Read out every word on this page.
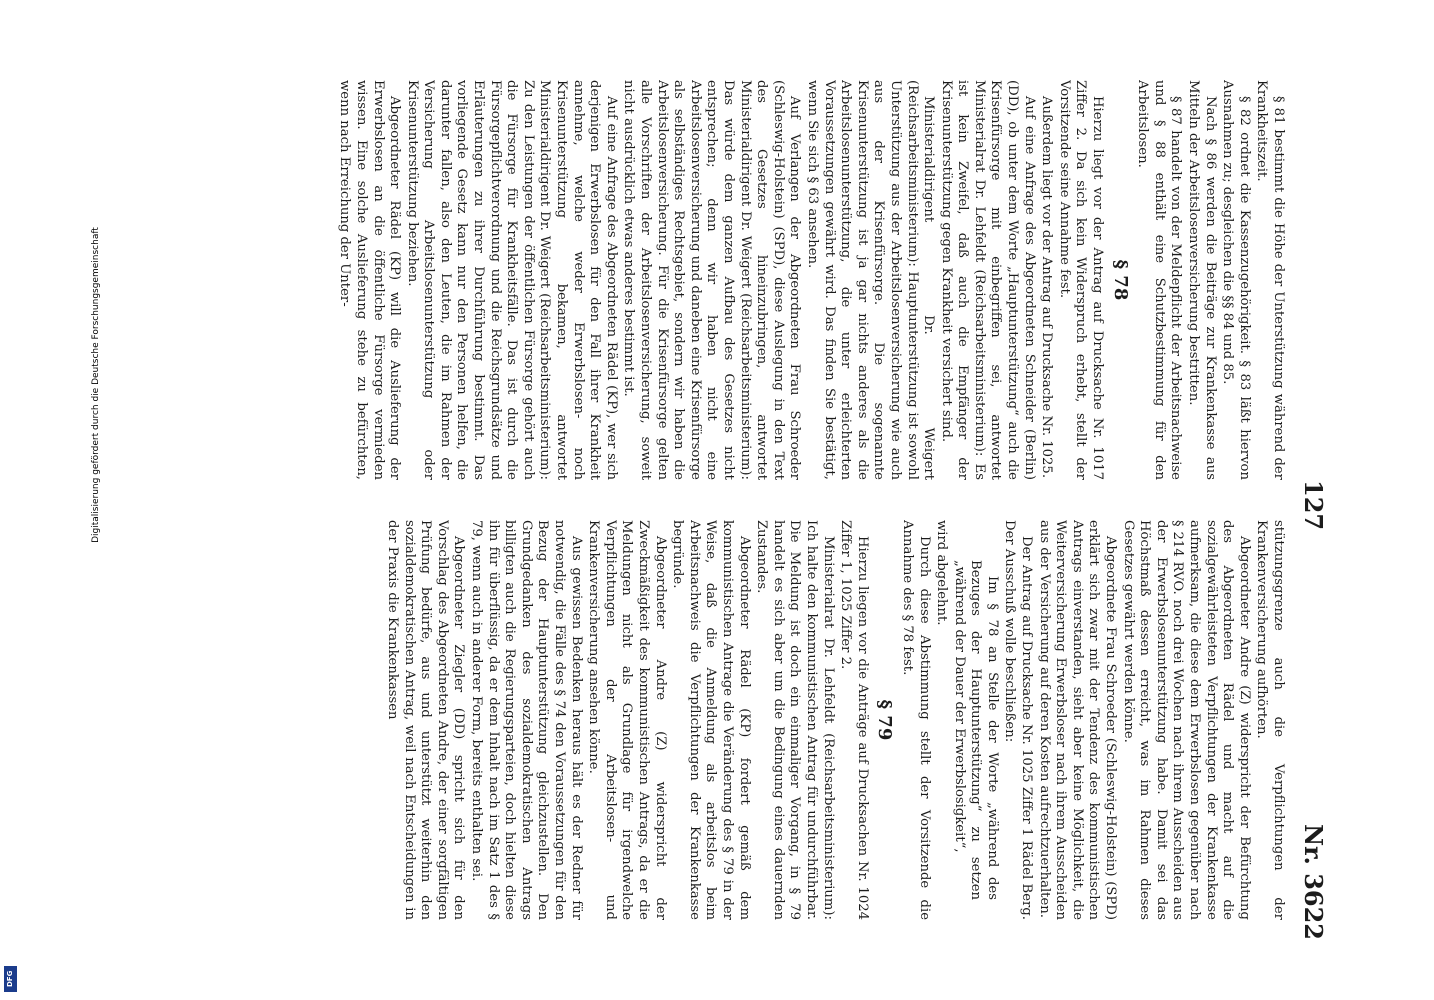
127
Nr. 3622

§ 81 bestimmt die Höhe der Unterstützung während der Krankheitszeit.

§ 82 ordnet die Kassenzugehörigkeit. § 83 läßt hiervon Ausnahmen zu; desgleichen die §§ 84 und 85.

Nach § 86 werden die Beiträge zur Krankenkasse aus Mitteln der Arbeitslosenversicherung bestritten.

§ 87 handelt von der Meldepflicht der Arbeitsnachweise und § 88 enthält eine Schutzbestimmung für den Arbeitslosen.

§ 78

Hierzu liegt vor der Antrag auf Drucksache Nr. 1017 Ziffer 2. Da sich kein Widerspruch erhebt, stellt der Vorsitzende seine Annahme fest.

Außerdem liegt vor der Antrag auf Drucksache Nr. 1025.

Auf eine Anfrage des Abgeordneten Schneider (Berlin) (DD), ob unter dem Worte „Hauptunterstützung“ auch die Krisenfürsorge mit einbegriffen sei, antwortet Ministerialrat Dr. Lehfeldt (Reichsarbeitsministerium): Es ist kein Zweifel, daß auch die Empfänger der Krisenunterstützung gegen Krankheit versichert sind.

Ministerialdirigent Dr. Weigert (Reichsarbeitsministerium): Hauptunterstützung ist sowohl Unterstützung aus der Arbeitslosenversicherung wie auch aus der Krisenfürsorge. Die sogenannte Krisenunterstützung ist ja gar nichts anderes als die Arbeitslosenunterstützung, die unter erleichterten Voraussetzungen gewährt wird. Das finden Sie bestätigt, wenn Sie sich § 63 ansehen.

Auf Verlangen der Abgeordneten Frau Schroeder (Schleswig-Holstein) (SPD), diese Auslegung in den Text des Gesetzes hineinzubringen, antwortet Ministerialdirigent Dr. Weigert (Reichsarbeitsministerium): Das würde dem ganzen Aufbau des Gesetzes nicht entsprechen; denn wir haben nicht eine Arbeitslosenversicherung und daneben eine Krisenfürsorge als selbständiges Rechtsgebiet, sondern wir haben die Arbeitslosenversicherung. Für die Krisenfürsorge gelten alle Vorschriften der Arbeitslosenversicherung, soweit nicht ausdrücklich etwas anderes bestimmt ist.

Auf eine Anfrage des Abgeordneten Rädel (KP), wer sich derjenigen Erwerbslosen für den Fall ihrer Krankheit annehme, welche weder Erwerbslosen- noch Krisenunterstützung bekamen, antwortet Ministerialdirigent Dr. Weigert (Reichsarbeitsministerium): Zu den Leistungen der öffentlichen Fürsorge gehört auch die Fürsorge für Krankheitsfälle. Das ist durch die Fürsorgepflichtverordnung und die Reichsgrundsätze und Erläuterungen zu ihrer Durchführung bestimmt. Das vorliegende Gesetz kann nur den Personen helfen, die darunter fallen, also den Leuten, die im Rahmen der Versicherung Arbeitslosenunterstützung oder Krisenunterstützung beziehen.

Abgeordneter Rädel (KP) will die Auslieferung der Erwerbslosen an die öffentliche Fürsorge vermieden wissen. Eine solche Auslieferung stehe zu befürchten, wenn nach Erreichung der Unter-

stützungsgrenze auch die Verpflichtungen der Krankenversicherung aufhörten.

Abgeordneter Andre (Z) widerspricht der Befürchtung des Abgeordneten Rädel und macht auf die sozialgewährleisteten Verpflichtungen der Krankenkasse aufmerksam, die diese dem Erwerbslosen gegenüber nach § 214 RVO. noch drei Wochen nach ihrem Ausscheiden aus der Erwerbslosenunterstützung habe. Damit sei das Höchstmaß dessen erreicht, was im Rahmen dieses Gesetzes gewährt werden könne.

Abgeordnete Frau Schroeder (Schleswig-Holstein) (SPD) erklärt sich zwar mit der Tendenz des kommunistischen Antrags einverstanden, sieht aber keine Möglichkeit, die Weiterversicherung Erwerbsloser nach ihrem Ausscheiden aus der Versicherung auf deren Kosten aufrechtzuerhalten.

Der Antrag auf Drucksache Nr. 1025 Ziffer 1 Rädel Berg. Der Ausschuß wolle beschließen:

Im § 78 an Stelle der Worte „während des Bezuges der Hauptunterstützung“ zu setzen „während der Dauer der Erwerbslosigkeit“,

wird abgelehnt.

Durch diese Abstimmung stellt der Vorsitzende die Annahme des § 78 fest.

§ 79

Hierzu liegen vor die Anträge auf Drucksachen Nr. 1024 Ziffer 1, 1025 Ziffer 2.

Ministerialrat Dr. Lehfeldt (Reichsarbeitsministerium): Ich halte den kommunistischen Antrag für undurchführbar. Die Meldung ist doch ein einmaliger Vorgang, in § 79 handelt es sich aber um die Bedingung eines dauernden Zustandes.

Abgeordneter Rädel (KP) fordert gemäß dem kommunistischen Antrage die Veränderung des § 79 in der Weise, daß die Anmeldung als arbeitslos beim Arbeitsnachweis die Verpflichtungen der Krankenkasse begründe.

Abgeordneter Andre (Z) widerspricht der Zweckmäßigkeit des kommunistischen Antrags, da er die Meldungen nicht als Grundlage für irgendwelche Verpflichtungen der Arbeitslosen- und Krankenversicherung ansehen könne.

Aus gewissen Bedenken heraus hält es der Redner für notwendig, die Fälle des § 74 den Voraussetzungen für den Bezug der Hauptunterstützung gleichzustellen. Den Grundgedanken des sozialdemokratischen Antrags billigten auch die Regierungsparteien, doch hielten diese ihn für überflüssig, da er dem Inhalt nach im Satz 1 des § 79, wenn auch in anderer Form, bereits enthalten sei.

Abgeordneter Ziegler (DD) spricht sich für den Vorschlag des Abgeordneten Andre, der einer sorgfältigen Prüfung bedürfe, aus und unterstützt weiterhin den sozialdemokratischen Antrag, weil nach Entscheidungen in der Praxis die Krankenkassen

Digitalisierung gefördert durch die Deutsche Forschungsgemeinschaft
DFG
